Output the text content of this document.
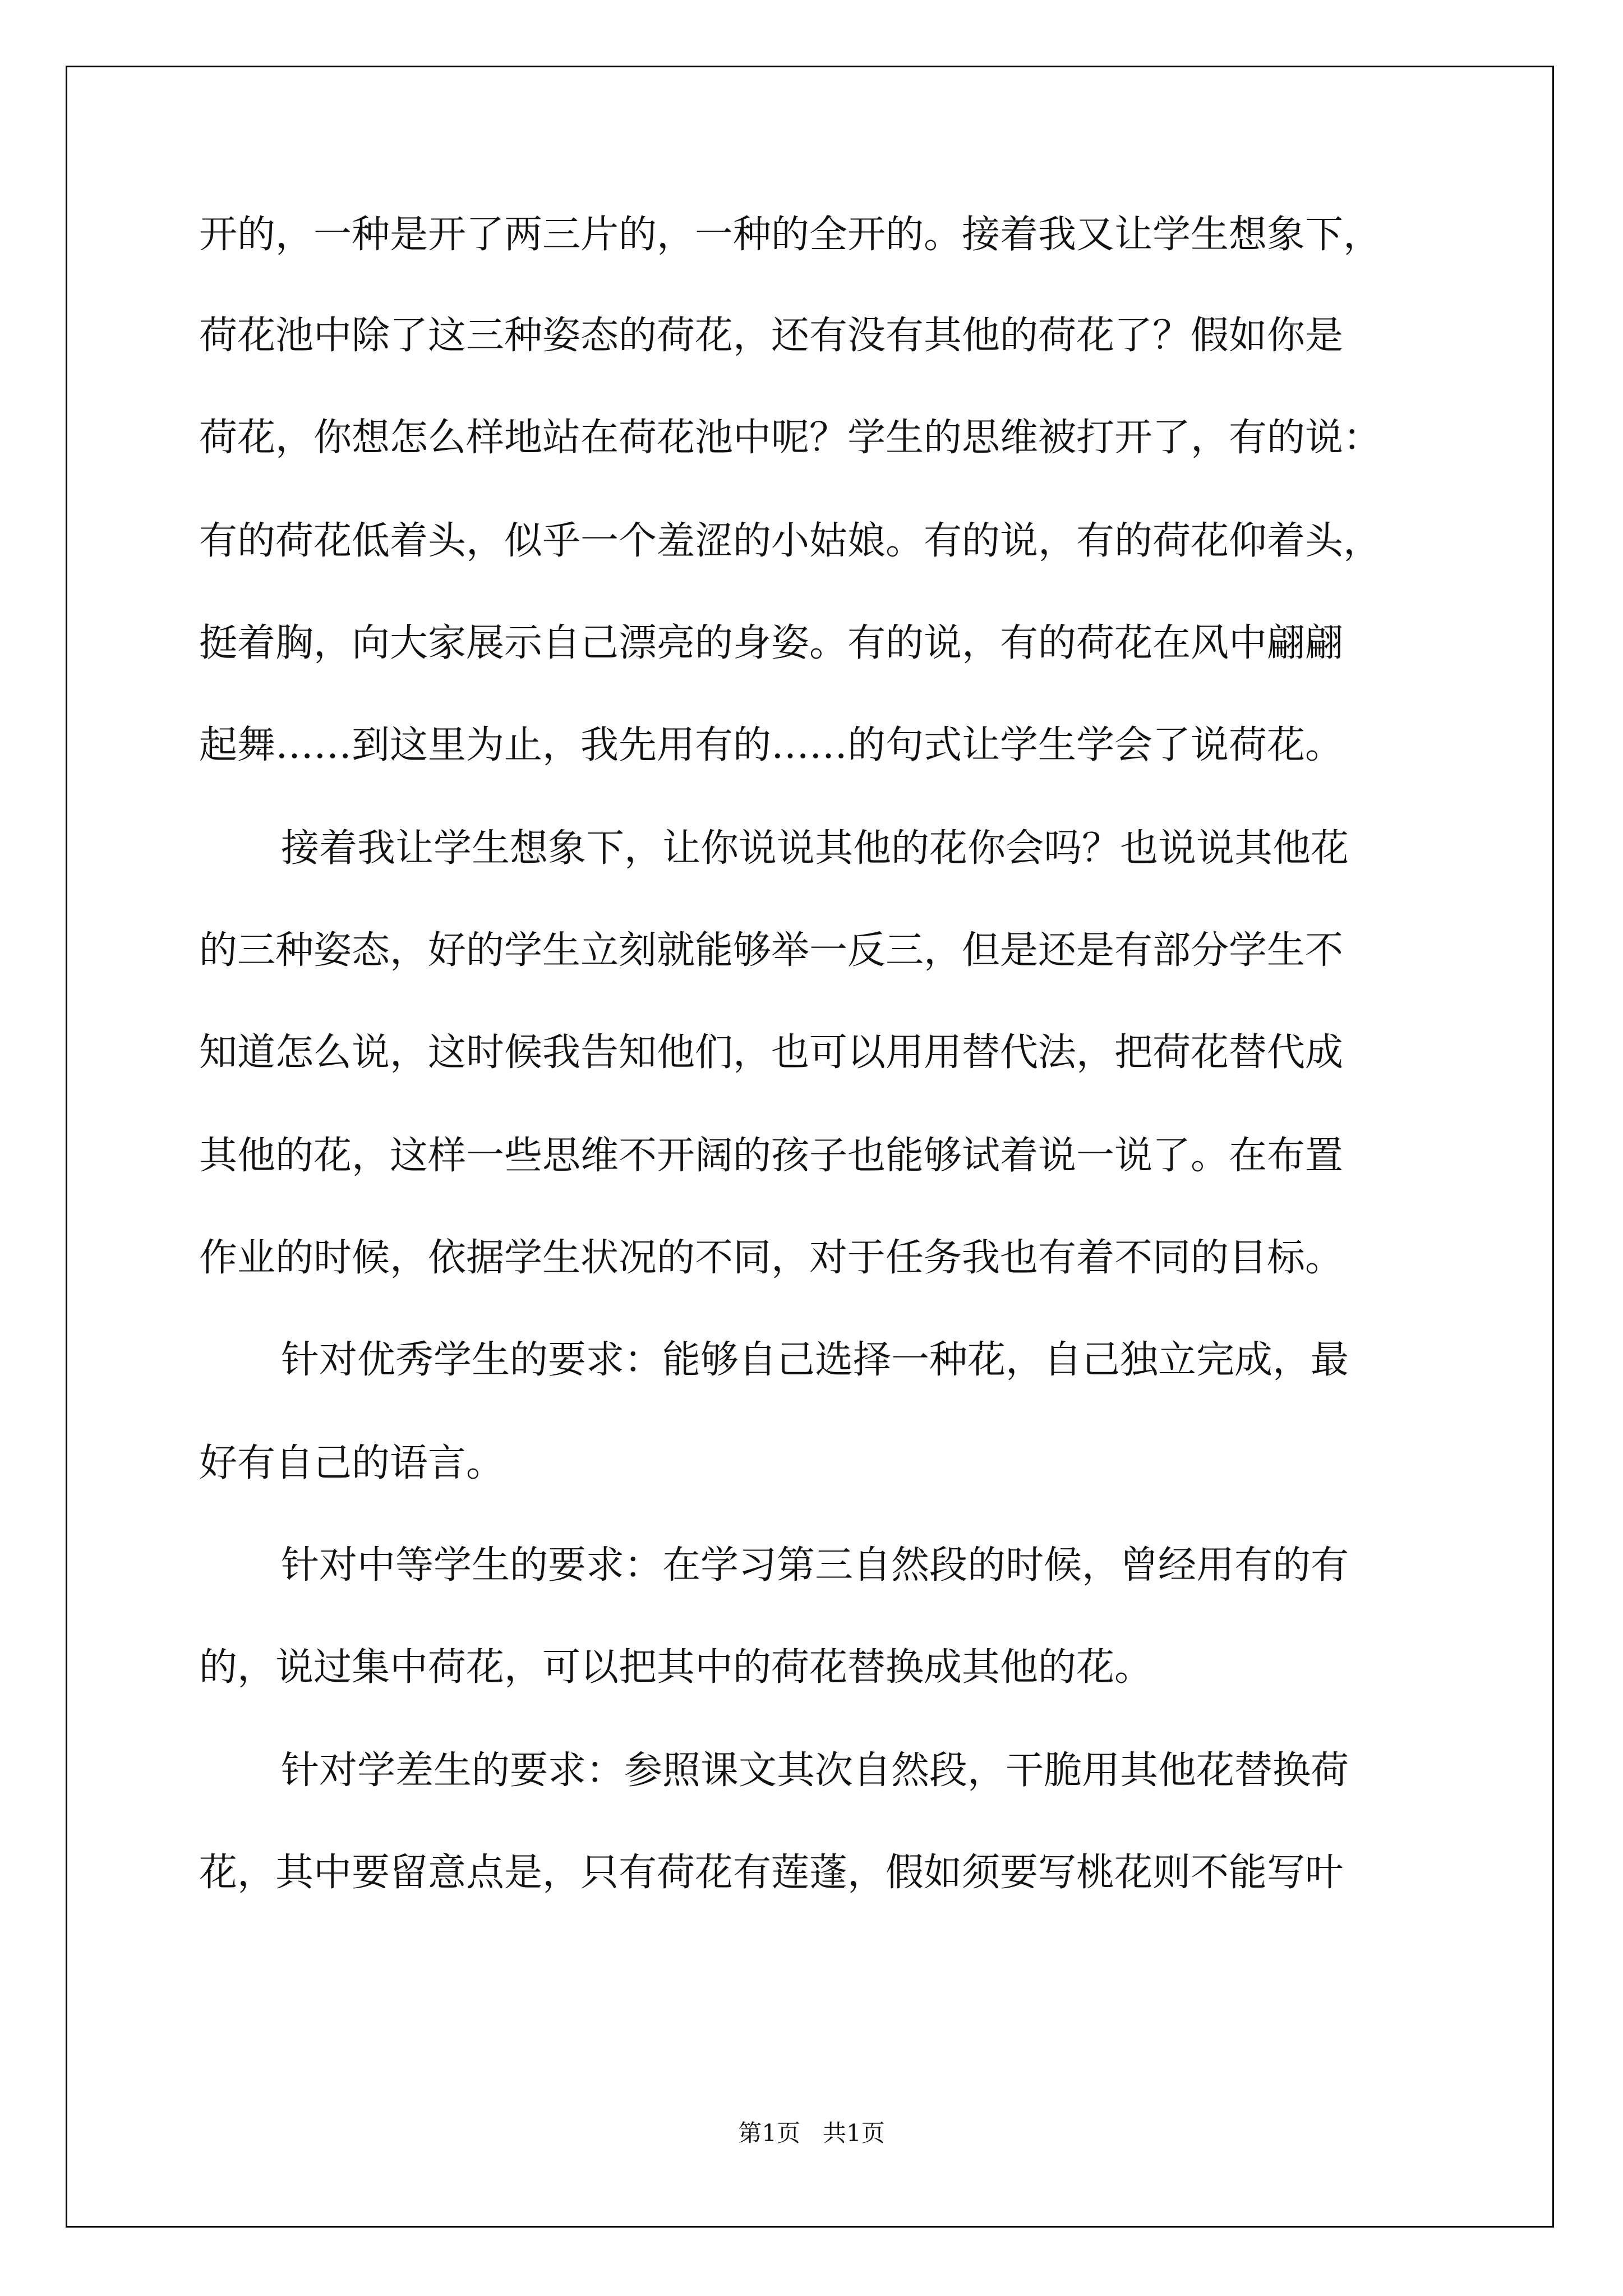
开的，一种是开了两三片的，一种的全开的。接着我又让学生想象下，
荷花池中除了这三种姿态的荷花，还有没有其他的荷花了？假如你是
荷花，你想怎么样地站在荷花池中呢？学生的思维被打开了，有的说：
有的荷花低着头，似乎一个羞涩的小姑娘。有的说，有的荷花仰着头，
挺着胸，向大家展示自己漂亮的身姿。有的说，有的荷花在风中翩翩
起舞……到这里为止，我先用有的……的句式让学生学会了说荷花。
接着我让学生想象下，让你说说其他的花你会吗？也说说其他花
的三种姿态，好的学生立刻就能够举一反三，但是还是有部分学生不
知道怎么说，这时候我告知他们，也可以用用替代法，把荷花替代成
其他的花，这样一些思维不开阔的孩子也能够试着说一说了。在布置
作业的时候，依据学生状况的不同，对于任务我也有着不同的目标。
针对优秀学生的要求：能够自己选择一种花，自己独立完成，最
好有自己的语言。
针对中等学生的要求：在学习第三自然段的时候，曾经用有的有
的，说过集中荷花，可以把其中的荷花替换成其他的花。
针对学差生的要求：参照课文其次自然段，干脆用其他花替换荷
花，其中要留意点是，只有荷花有莲蓬，假如须要写桃花则不能写叶
第1页   共1页
